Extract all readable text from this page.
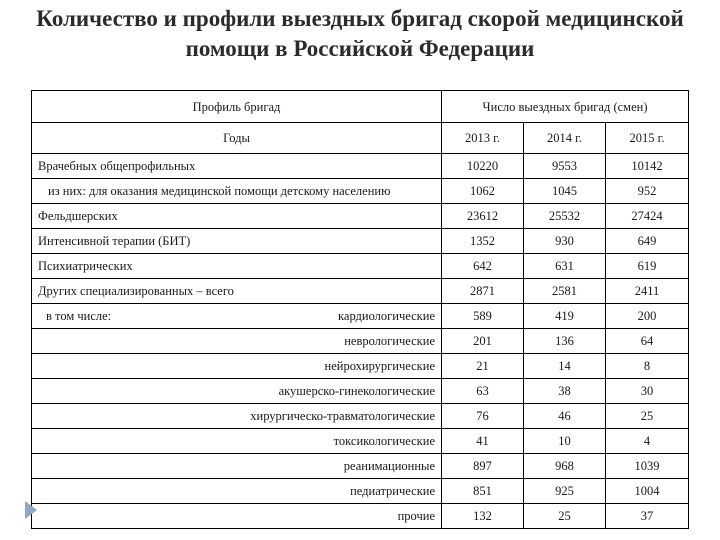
Количество и профили выездных бригад скорой медицинской
помощи в Российской Федерации
Профиль бригад	Число выездных бригад (смен)		
Годы	2013 г.	2014 г.	2015 г.
Врачебных общепрофильных	10220	9553	10142
из них: для оказания медицинской помощи детскому населению	1062	1045	952
Фельдшерских	23612	25532	27424
Интенсивной терапии (БИТ)	1352	930	649
Психиатрических	642	631	619
Других специализированных – всего	2871	2581	2411

в том числе: кардиологические	589	419	200

неврологические	201	136	64

нейрохирургические	21	14	8

акушерско-гинекологические	63	38	30

хирургическо-травматологические	76	46	25

токсикологические	41	10	4

реанимационные	897	968	1039

педиатрические	851	925	1004

прочие	132	25	37
